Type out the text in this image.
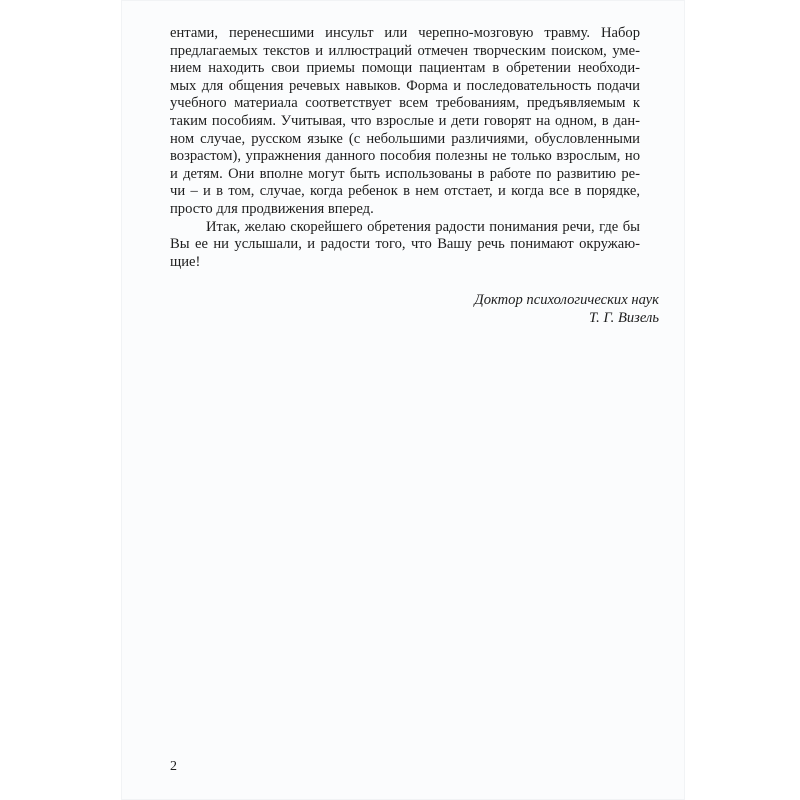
ентами, перенесшими инсульт или черепно-мозговую травму. Набор
предлагаемых текстов и иллюстраций отмечен творческим поиском, уме-
нием находить свои приемы помощи пациентам в обретении необходи-
мых для общения речевых навыков. Форма и последовательность подачи
учебного материала соответствует всем требованиям, предъявляемым к
таким пособиям. Учитывая, что взрослые и дети говорят на одном, в дан-
ном случае, русском языке (с небольшими различиями, обусловленными
возрастом), упражнения данного пособия полезны не только взрослым, но
и детям. Они вполне могут быть использованы в работе по развитию ре-
чи – и в том, случае, когда ребенок в нем отстает, и когда все в порядке,
просто для продвижения вперед.
Итак, желаю скорейшего обретения радости понимания речи, где бы
Вы ее ни услышали, и радости того, что Вашу речь понимают окружаю-
щие!
Доктор психологических наук
Т. Г. Визель
2
